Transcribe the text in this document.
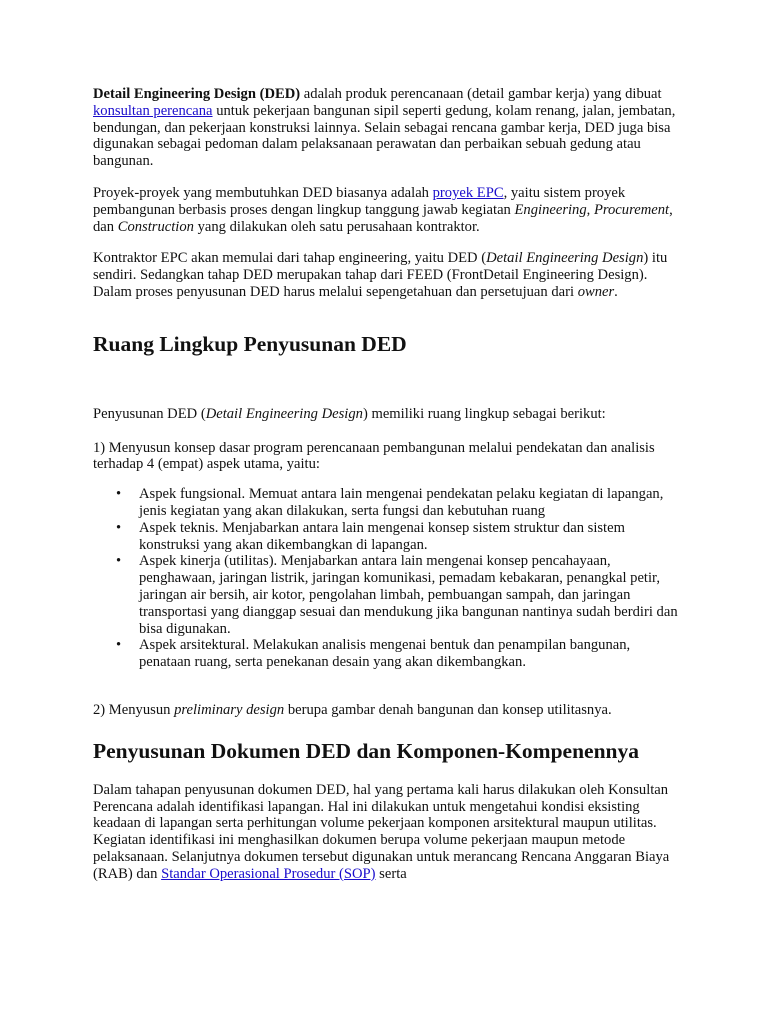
Detail Engineering Design (DED) adalah produk perencanaan (detail gambar kerja) yang dibuat konsultan perencana untuk pekerjaan bangunan sipil seperti gedung, kolam renang, jalan, jembatan, bendungan, dan pekerjaan konstruksi lainnya. Selain sebagai rencana gambar kerja, DED juga bisa digunakan sebagai pedoman dalam pelaksanaan perawatan dan perbaikan sebuah gedung atau bangunan.

Proyek-proyek yang membutuhkan DED biasanya adalah proyek EPC, yaitu sistem proyek pembangunan berbasis proses dengan lingkup tanggung jawab kegiatan Engineering, Procurement, dan Construction yang dilakukan oleh satu perusahaan kontraktor.

Kontraktor EPC akan memulai dari tahap engineering, yaitu DED (Detail Engineering Design) itu sendiri. Sedangkan tahap DED merupakan tahap dari FEED (FrontDetail Engineering Design). Dalam proses penyusunan DED harus melalui sepengetahuan dan persetujuan dari owner.

Ruang Lingkup Penyusunan DED

Penyusunan DED (Detail Engineering Design) memiliki ruang lingkup sebagai berikut:

1) Menyusun konsep dasar program perencanaan pembangunan melalui pendekatan dan analisis terhadap 4 (empat) aspek utama, yaitu:

• Aspek fungsional. Memuat antara lain mengenai pendekatan pelaku kegiatan di lapangan, jenis kegiatan yang akan dilakukan, serta fungsi dan kebutuhan ruang
• Aspek teknis. Menjabarkan antara lain mengenai konsep sistem struktur dan sistem konstruksi yang akan dikembangkan di lapangan.
• Aspek kinerja (utilitas). Menjabarkan antara lain mengenai konsep pencahayaan, penghawaan, jaringan listrik, jaringan komunikasi, pemadam kebakaran, penangkal petir, jaringan air bersih, air kotor, pengolahan limbah, pembuangan sampah, dan jaringan transportasi yang dianggap sesuai dan mendukung jika bangunan nantinya sudah berdiri dan bisa digunakan.
• Aspek arsitektural. Melakukan analisis mengenai bentuk dan penampilan bangunan, penataan ruang, serta penekanan desain yang akan dikembangkan.

2) Menyusun preliminary design berupa gambar denah bangunan dan konsep utilitasnya.

Penyusunan Dokumen DED dan Komponen-Kompenennya

Dalam tahapan penyusunan dokumen DED, hal yang pertama kali harus dilakukan oleh Konsultan Perencana adalah identifikasi lapangan. Hal ini dilakukan untuk mengetahui kondisi eksisting keadaan di lapangan serta perhitungan volume pekerjaan komponen arsitektural maupun utilitas. Kegiatan identifikasi ini menghasilkan dokumen berupa volume pekerjaan maupun metode pelaksanaan. Selanjutnya dokumen tersebut digunakan untuk merancang Rencana Anggaran Biaya (RAB) dan Standar Operasional Prosedur (SOP) serta
